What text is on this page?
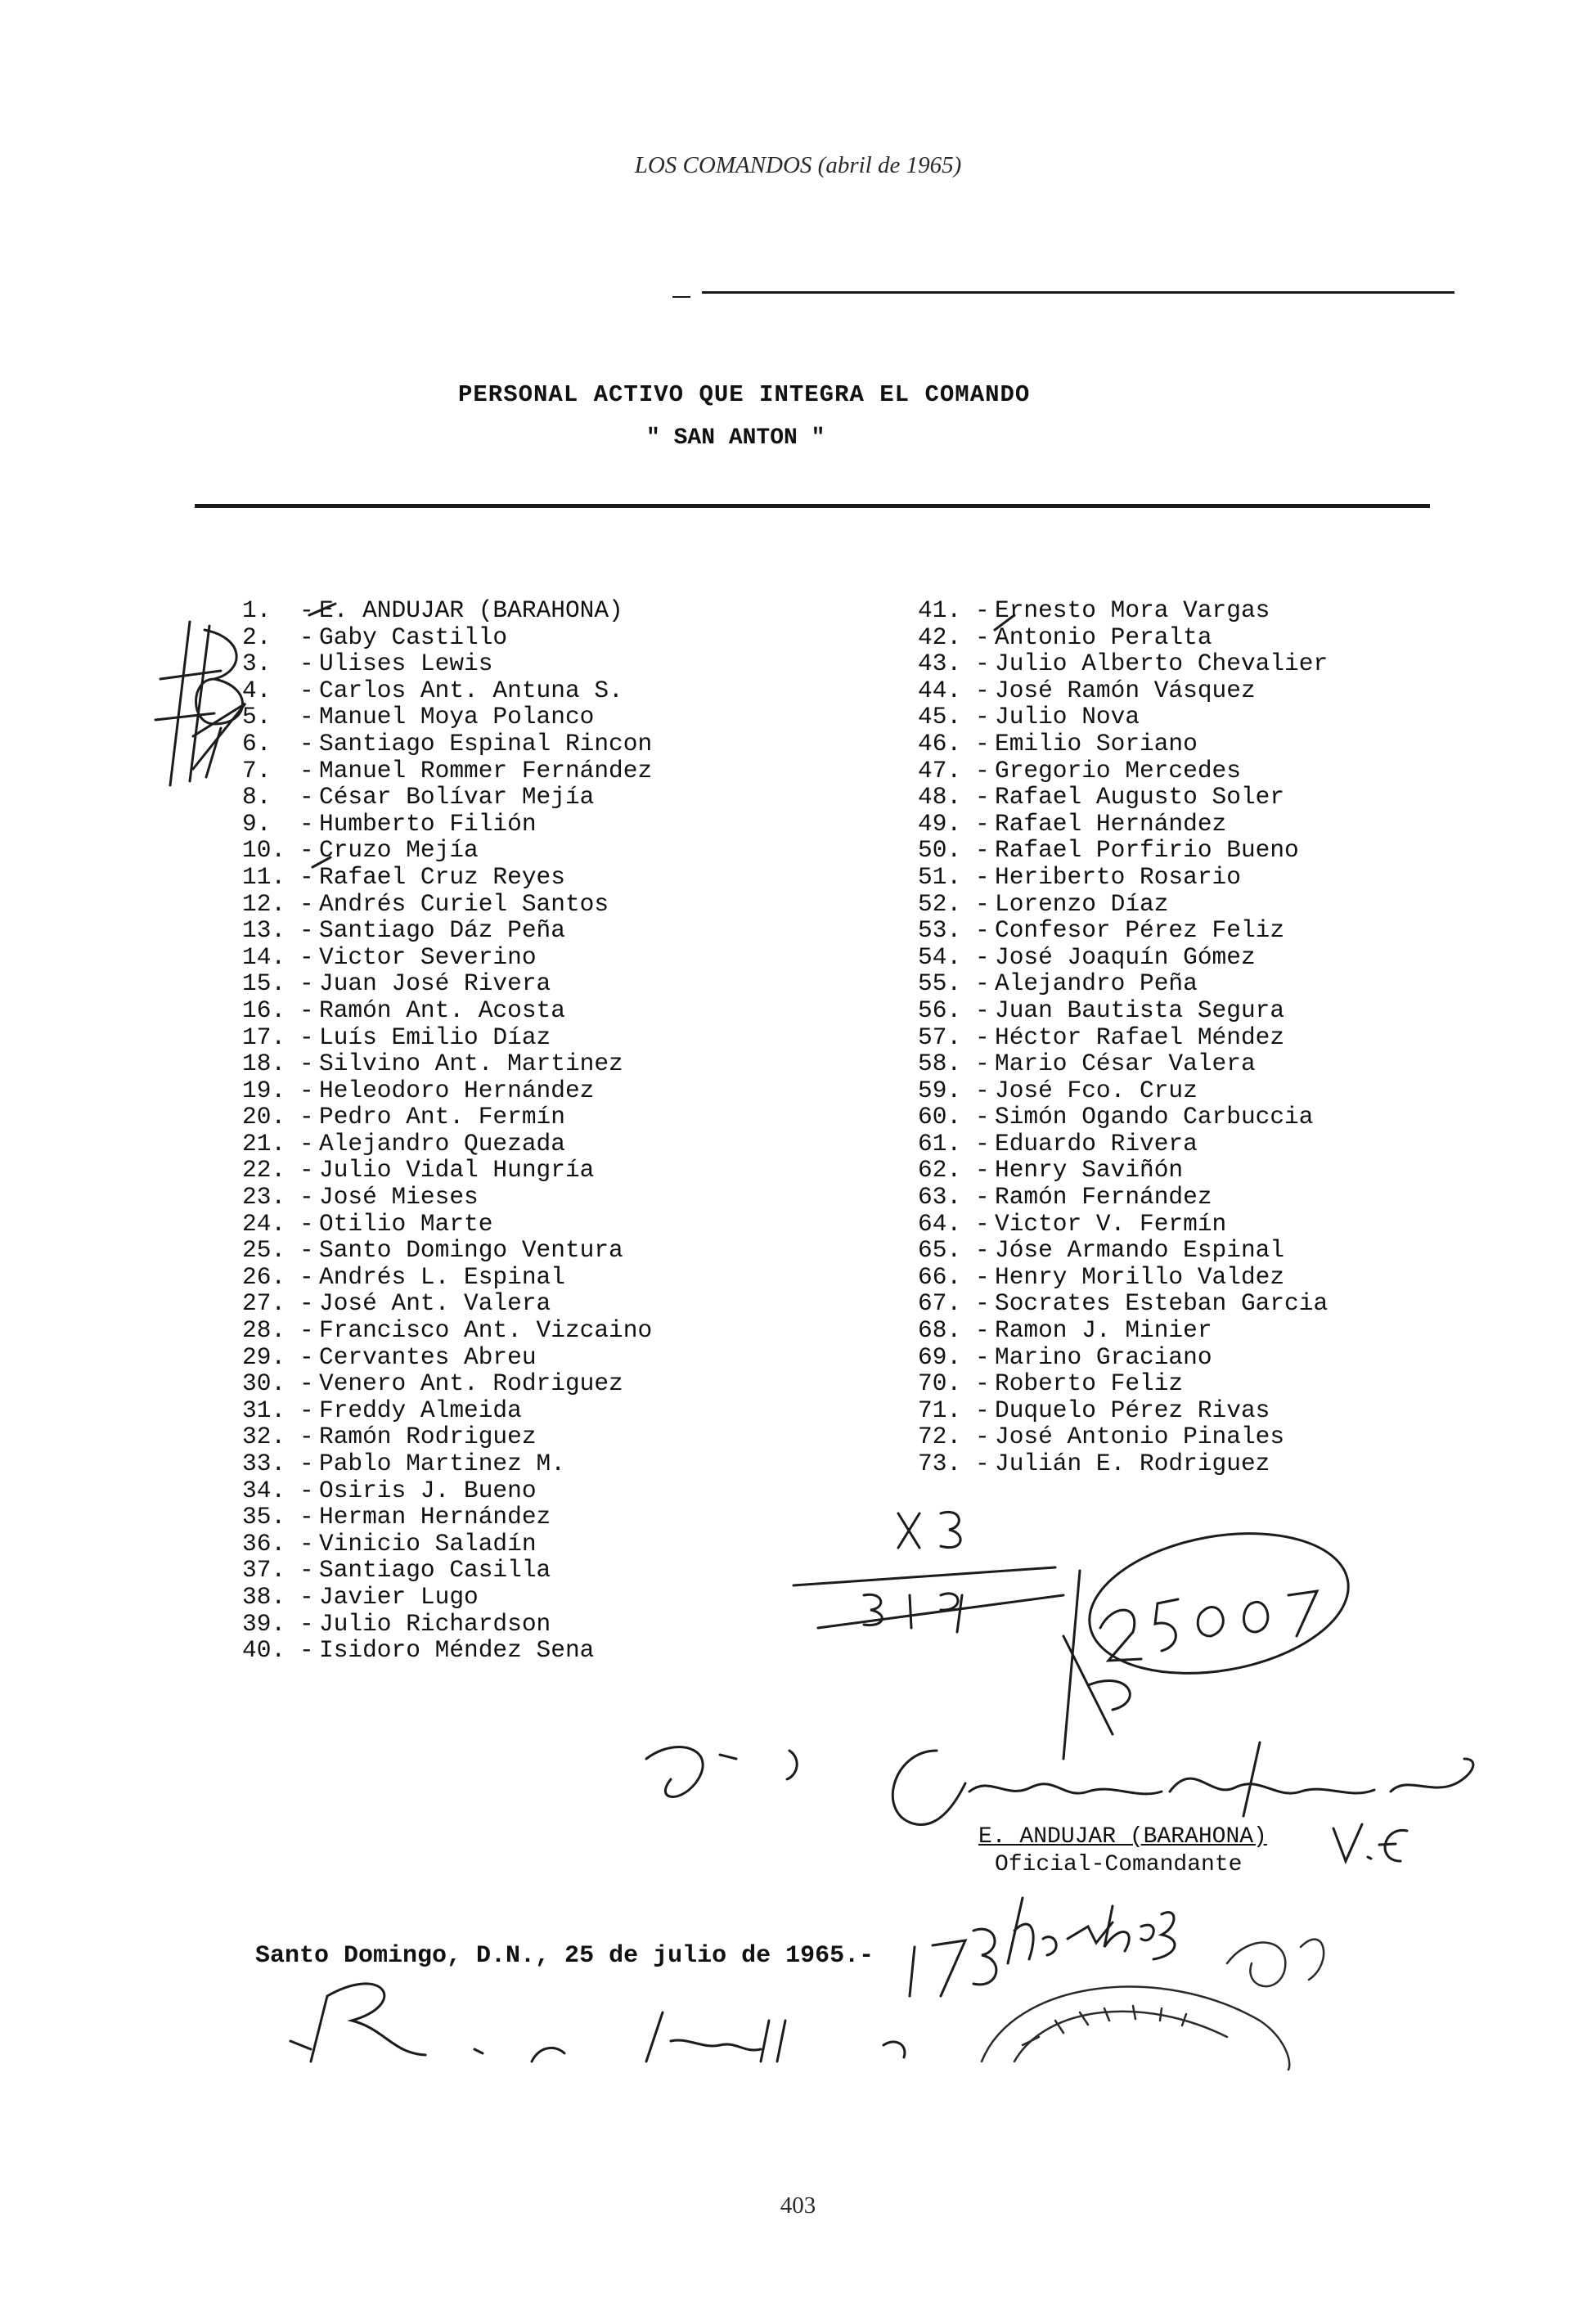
LOS COMANDOS (abril de 1965)
PERSONAL ACTIVO QUE INTEGRA EL COMANDO
" SAN ANTON "
1.	- E. ANDUJAR (BARAHONA)
2.	- Gaby Castillo
3.	- Ulises Lewis
4.	- Carlos Ant. Antuna S.
5.	- Manuel Moya Polanco
6.	- Santiago Espinal Rincon
7.	- Manuel Rommer Fernández
8.	- César Bolívar Mejía
9.	- Humberto Filión
10. - Cruzo Mejía
11. - Rafael Cruz Reyes
12. - Andrés Curiel Santos
13. - Santiago Dáz Peña
14. - Victor Severino
15. - Juan José Rivera
16. - Ramón Ant. Acosta
17. - Luís Emilio Díaz
18. - Silvino Ant. Martinez
19. - Heleodoro Hernández
20. - Pedro Ant. Fermín
21. - Alejandro Quezada
22. - Julio Vidal Hungría
23. - José Mieses
24. - Otilio Marte
25. - Santo Domingo Ventura
26. - Andrés L. Espinal
27. - José Ant. Valera
28. - Francisco Ant. Vizcaino
29. - Cervantes Abreu
30. - Venero Ant. Rodriguez
31. - Freddy Almeida
32. - Ramón Rodriguez
33. - Pablo Martinez M.
34. - Osiris J. Bueno
35. - Herman Hernández
36. - Vinicio Saladín
37. - Santiago Casilla
38. - Javier Lugo
39. - Julio Richardson
40. - Isidoro Méndez Sena
41. - Ernesto Mora Vargas
42. - Antonio Peralta
43. - Julio Alberto Chevalier
44. - José Ramón Vásquez
45. - Julio Nova
46. - Emilio Soriano
47. - Gregorio Mercedes
48. - Rafael Augusto Soler
49. - Rafael Hernández
50. - Rafael Porfirio Bueno
51. - Heriberto Rosario
52. - Lorenzo Díaz
53. - Confesor Pérez Feliz
54. - José Joaquín Gómez
55. - Alejandro Peña
56. - Juan Bautista Segura
57. - Héctor Rafael Méndez
58. - Mario César Valera
59. - José Fco. Cruz
60. - Simón Ogando Carbuccia
61. - Eduardo Rivera
62. - Henry Saviñón
63. - Ramón Fernández
64. - Victor V. Fermín
65. - Jóse Armando Espinal
66. - Henry Morillo Valdez
67. - Socrates Esteban Garcia
68. - Ramon J. Minier
69. - Marino Graciano
70. - Roberto Feliz
71. - Duquelo Pérez Rivas
72. - José Antonio Pinales
73. - Julián E. Rodriguez
E. ANDUJAR (BARAHONA)
Oficial-Comandante
Santo Domingo, D.N., 25 de julio de 1965.-
403
